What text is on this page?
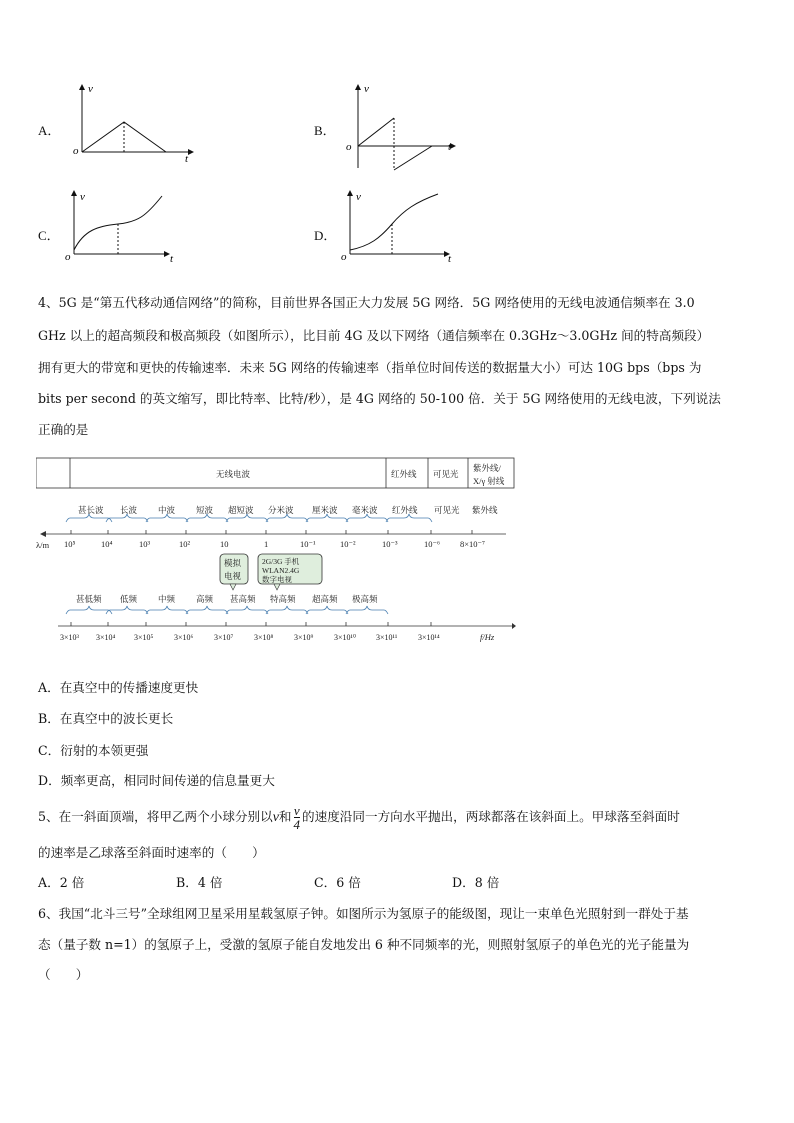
A．
v
t
o
B．
v
t
o
C．
v
t
o
D．
v
t
o
4、5G 是“第五代移动通信网络”的简称，目前世界各国正大力发展 5G 网络．5G 网络使用的无线电波通信频率在 3.0
GHz 以上的超高频段和极高频段（如图所示），比目前 4G 及以下网络（通信频率在 0.3GHz～3.0GHz 间的特高频段）
拥有更大的带宽和更快的传输速率．未来 5G 网络的传输速率（指单位时间传送的数据量大小）可达 10G bps（bps 为
bits per second 的英文缩写，即比特率、比特/秒），是 4G 网络的 50-100 倍．关于 5G 网络使用的无线电波，下列说法
正确的是
无线电波	红外线 可见光
紫外线/
X/γ 射线
甚长波 长波 中波 短波 超短波 分米波 厘米波 毫米波 红外线 可见光 紫外线
λ/m 10⁵	10⁴	10³	10²	10	1	10⁻¹	10⁻²	10⁻³	10⁻⁶ 8×10⁻⁷
模拟
电视
2G/3G 手机
WLAN2.4G
数字电视
甚低频 低频 中频 高频 甚高频 特高频 超高频 极高频
3×10³ 3×10⁴ 3×10⁵	3×10⁶	3×10⁷	3×10⁸	3×10⁹	3×10¹⁰ 3×10¹¹	3×10¹⁴	f/Hz
A．在真空中的传播速度更快
B．在真空中的波长更长
C．衍射的本领更强
D．频率更高，相同时间传递的信息量更大
5、在一斜面顶端，将甲乙两个小球分别以v和 $\frac{v}{4}$ 的速度沿同一方向水平抛出，两球都落在该斜面上。甲球落至斜面时
的速率是乙球落至斜面时速率的（　　）
A．2 倍	B．4 倍	C．6 倍	D．8 倍
6、我国“北斗三号”全球组网卫星采用星载氢原子钟。如图所示为氢原子的能级图，现让一束单色光照射到一群处于基
态（量子数 n=1）的氢原子上，受激的氢原子能自发地发出 6 种不同频率的光，则照射氢原子的单色光的光子能量为
（　　）
